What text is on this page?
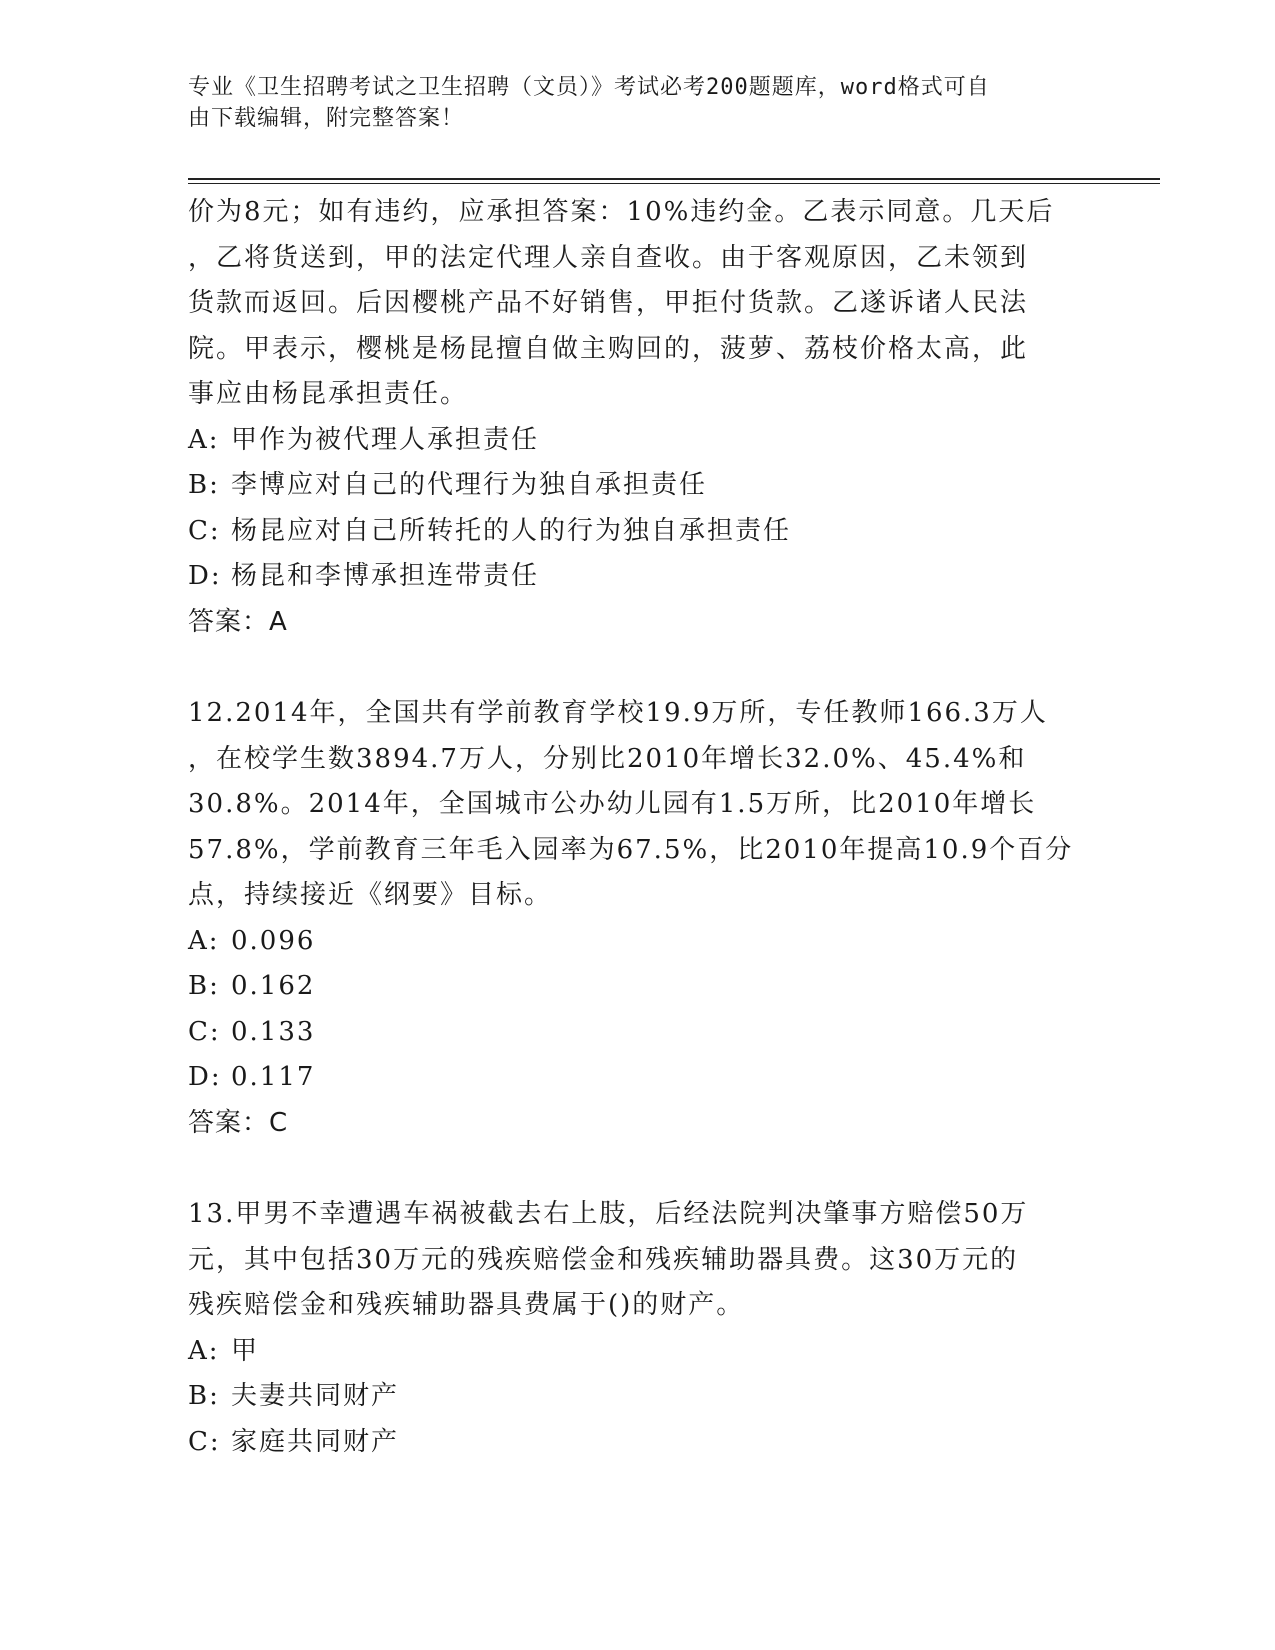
专业《卫生招聘考试之卫生招聘（文员）》考试必考200题题库，word格式可自
由下载编辑，附完整答案！
价为8元；如有违约，应承担答案：10%违约金。乙表示同意。几天后
，乙将货送到，甲的法定代理人亲自查收。由于客观原因，乙未领到
货款而返回。后因樱桃产品不好销售，甲拒付货款。乙遂诉诸人民法
院。甲表示，樱桃是杨昆擅自做主购回的，菠萝、荔枝价格太高，此
事应由杨昆承担责任。
A: 甲作为被代理人承担责任
B: 李博应对自己的代理行为独自承担责任
C: 杨昆应对自己所转托的人的行为独自承担责任
D: 杨昆和李博承担连带责任
答案：A
12.2014年，全国共有学前教育学校19.9万所，专任教师166.3万人
，在校学生数3894.7万人，分别比2010年增长32.0%、45.4%和
30.8%。2014年，全国城市公办幼儿园有1.5万所，比2010年增长
57.8%，学前教育三年毛入园率为67.5%，比2010年提高10.9个百分
点，持续接近《纲要》目标。
A: 0.096
B: 0.162
C: 0.133
D: 0.117
答案：C
13.甲男不幸遭遇车祸被截去右上肢，后经法院判决肇事方赔偿50万
元，其中包括30万元的残疾赔偿金和残疾辅助器具费。这30万元的
残疾赔偿金和残疾辅助器具费属于()的财产。
A: 甲
B: 夫妻共同财产
C: 家庭共同财产
